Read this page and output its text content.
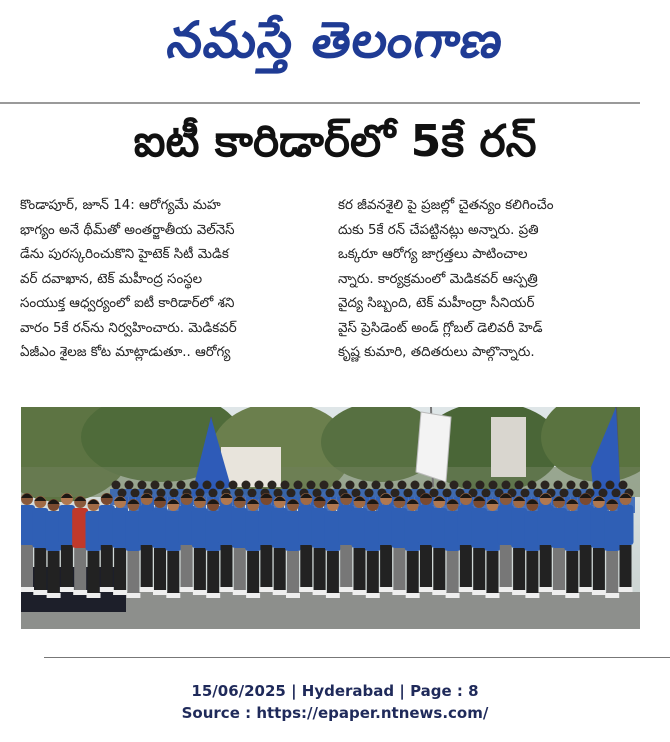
నమస్తే తెలంగాణ
ఐటీ కారిడార్‌లో 5కే రన్
కొండాపూర్, జూన్ 14: ఆరోగ్యమే మహ
భాగ్యం అనే థీమ్‌తో అంతర్జాతీయ వెల్‌నెస్
డేను పురస్కరించుకొని హైటెక్ సిటీ మెడిక
వర్ దవాఖాన, టెక్ మహీంద్ర సంస్థల
సంయుక్త ఆధ్వర్యంలో ఐటీ కారిడార్‌లో శని
వారం 5కే రన్‌ను నిర్వహించారు. మెడికవర్
ఏజీఎం శైలజ కోట మాట్లాడుతూ.. ఆరోగ్య
కర జీవనశైలి పై ప్రజల్లో చైతన్యం కలిగించేం
దుకు 5కే రన్ చేపట్టినట్లు అన్నారు. ప్రతి
ఒక్కరూ ఆరోగ్య జాగ్రత్తలు పాటించాల
న్నారు. కార్యక్రమంలో మెడికవర్ ఆస్పత్రి
వైద్య సిబ్బంది, టెక్ మహీంద్రా సీనియర్
వైస్ ప్రెసిడెంట్ అండ్ గ్లోబల్ డెలివరీ హెడ్
కృష్ణ కుమారి, తదితరులు పాల్గొన్నారు.
15/06/2025 | Hyderabad | Page : 8
Source : https://epaper.ntnews.com/
